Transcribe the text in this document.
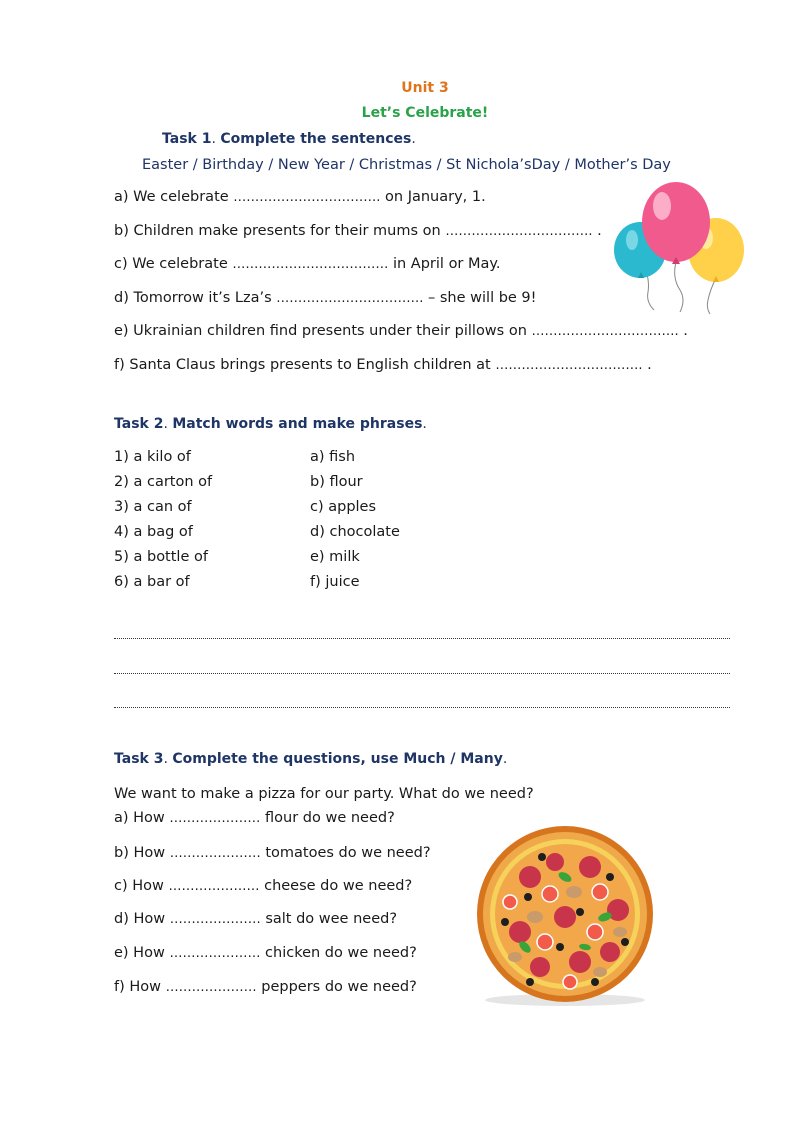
Unit 3
Let’s Celebrate!
Task 1. Complete the sentences.
Easter / Birthday / New Year / Christmas / St Nichola’sDay / Mother’s Day
a) We celebrate ……………………………. on January, 1.
b) Children make presents for their mums on ……………………………. .
c) We celebrate ……………………………… in April or May.
d) Tomorrow it’s Lza’s ……………………………. – she will be 9!
e) Ukrainian children find presents under their pillows on ……………………………. .
f) Santa Claus brings presents to English children at ……………………………. .
Task 2. Match words and make phrases.
1) a kilo of
2) a carton of
3) a can of
4) a bag of
5) a bottle of
6) a bar of
a) fish
b) flour
c) apples
d) chocolate
e) milk
f) juice
Task 3. Complete the questions, use Much / Many.
We want to make a pizza for our party. What do we need?
a) How ………………… flour do we need?
b) How ………………… tomatoes do we need?
c) How ………………… cheese do we need?
d) How ………………… salt do wee need?
e) How ………………… chicken do we need?
f) How ………………… peppers do we need?
